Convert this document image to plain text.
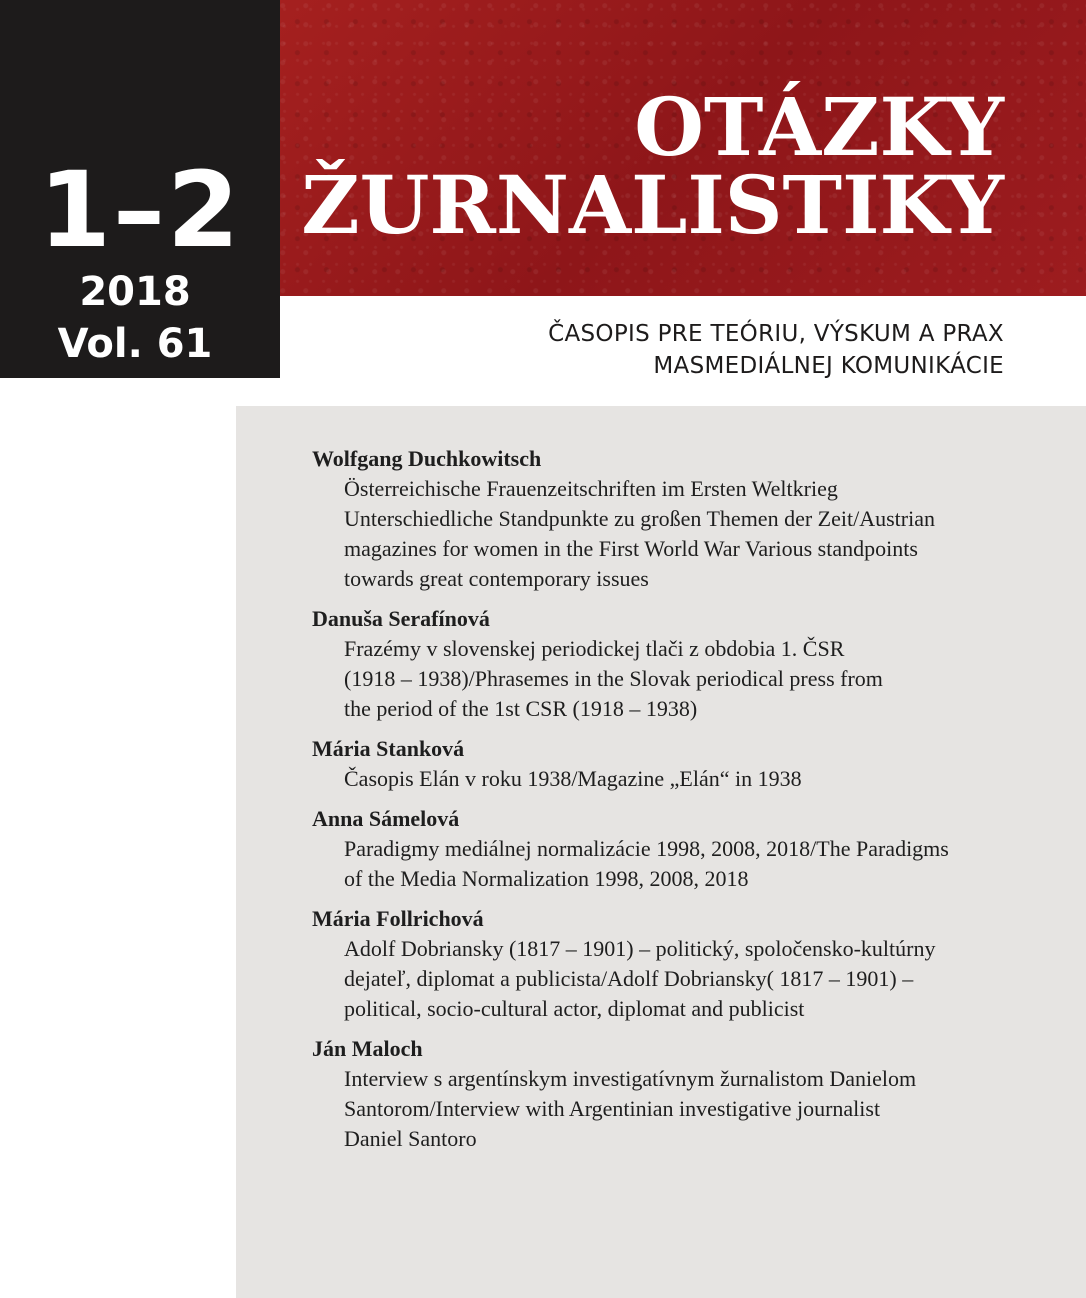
1–2
2018
Vol. 61
OTÁZKY
ŽURNALISTIKY
ČASOPIS PRE TEÓRIU, VÝSKUM A PRAX
MASMEDIÁLNEJ KOMUNIKÁCIE
Wolfgang Duchkowitsch
Österreichische Frauenzeitschriften im Ersten Weltkrieg
Unterschiedliche Standpunkte zu großen Themen der Zeit/Austrian
magazines for women in the First World War Various standpoints
towards great contemporary issues
Danuša Serafínová
Frazémy v slovenskej periodickej tlači z obdobia 1. ČSR
(1918 – 1938)/Phrasemes in the Slovak periodical press from
the period of the 1st CSR (1918 – 1938)
Mária Stanková
Časopis Elán v roku 1938/Magazine „Elán“ in 1938
Anna Sámelová
Paradigmy mediálnej normalizácie 1998, 2008, 2018/The Paradigms
of the Media Normalization 1998, 2008, 2018
Mária Follrichová
Adolf Dobriansky (1817 – 1901) – politický, spoločensko-kultúrny
dejateľ, diplomat a publicista/Adolf Dobriansky( 1817 – 1901) –
political, socio-cultural actor, diplomat and publicist
Ján Maloch
Interview s argentínskym investigatívnym žurnalistom Danielom
Santorom/Interview with Argentinian investigative journalist
Daniel Santoro
